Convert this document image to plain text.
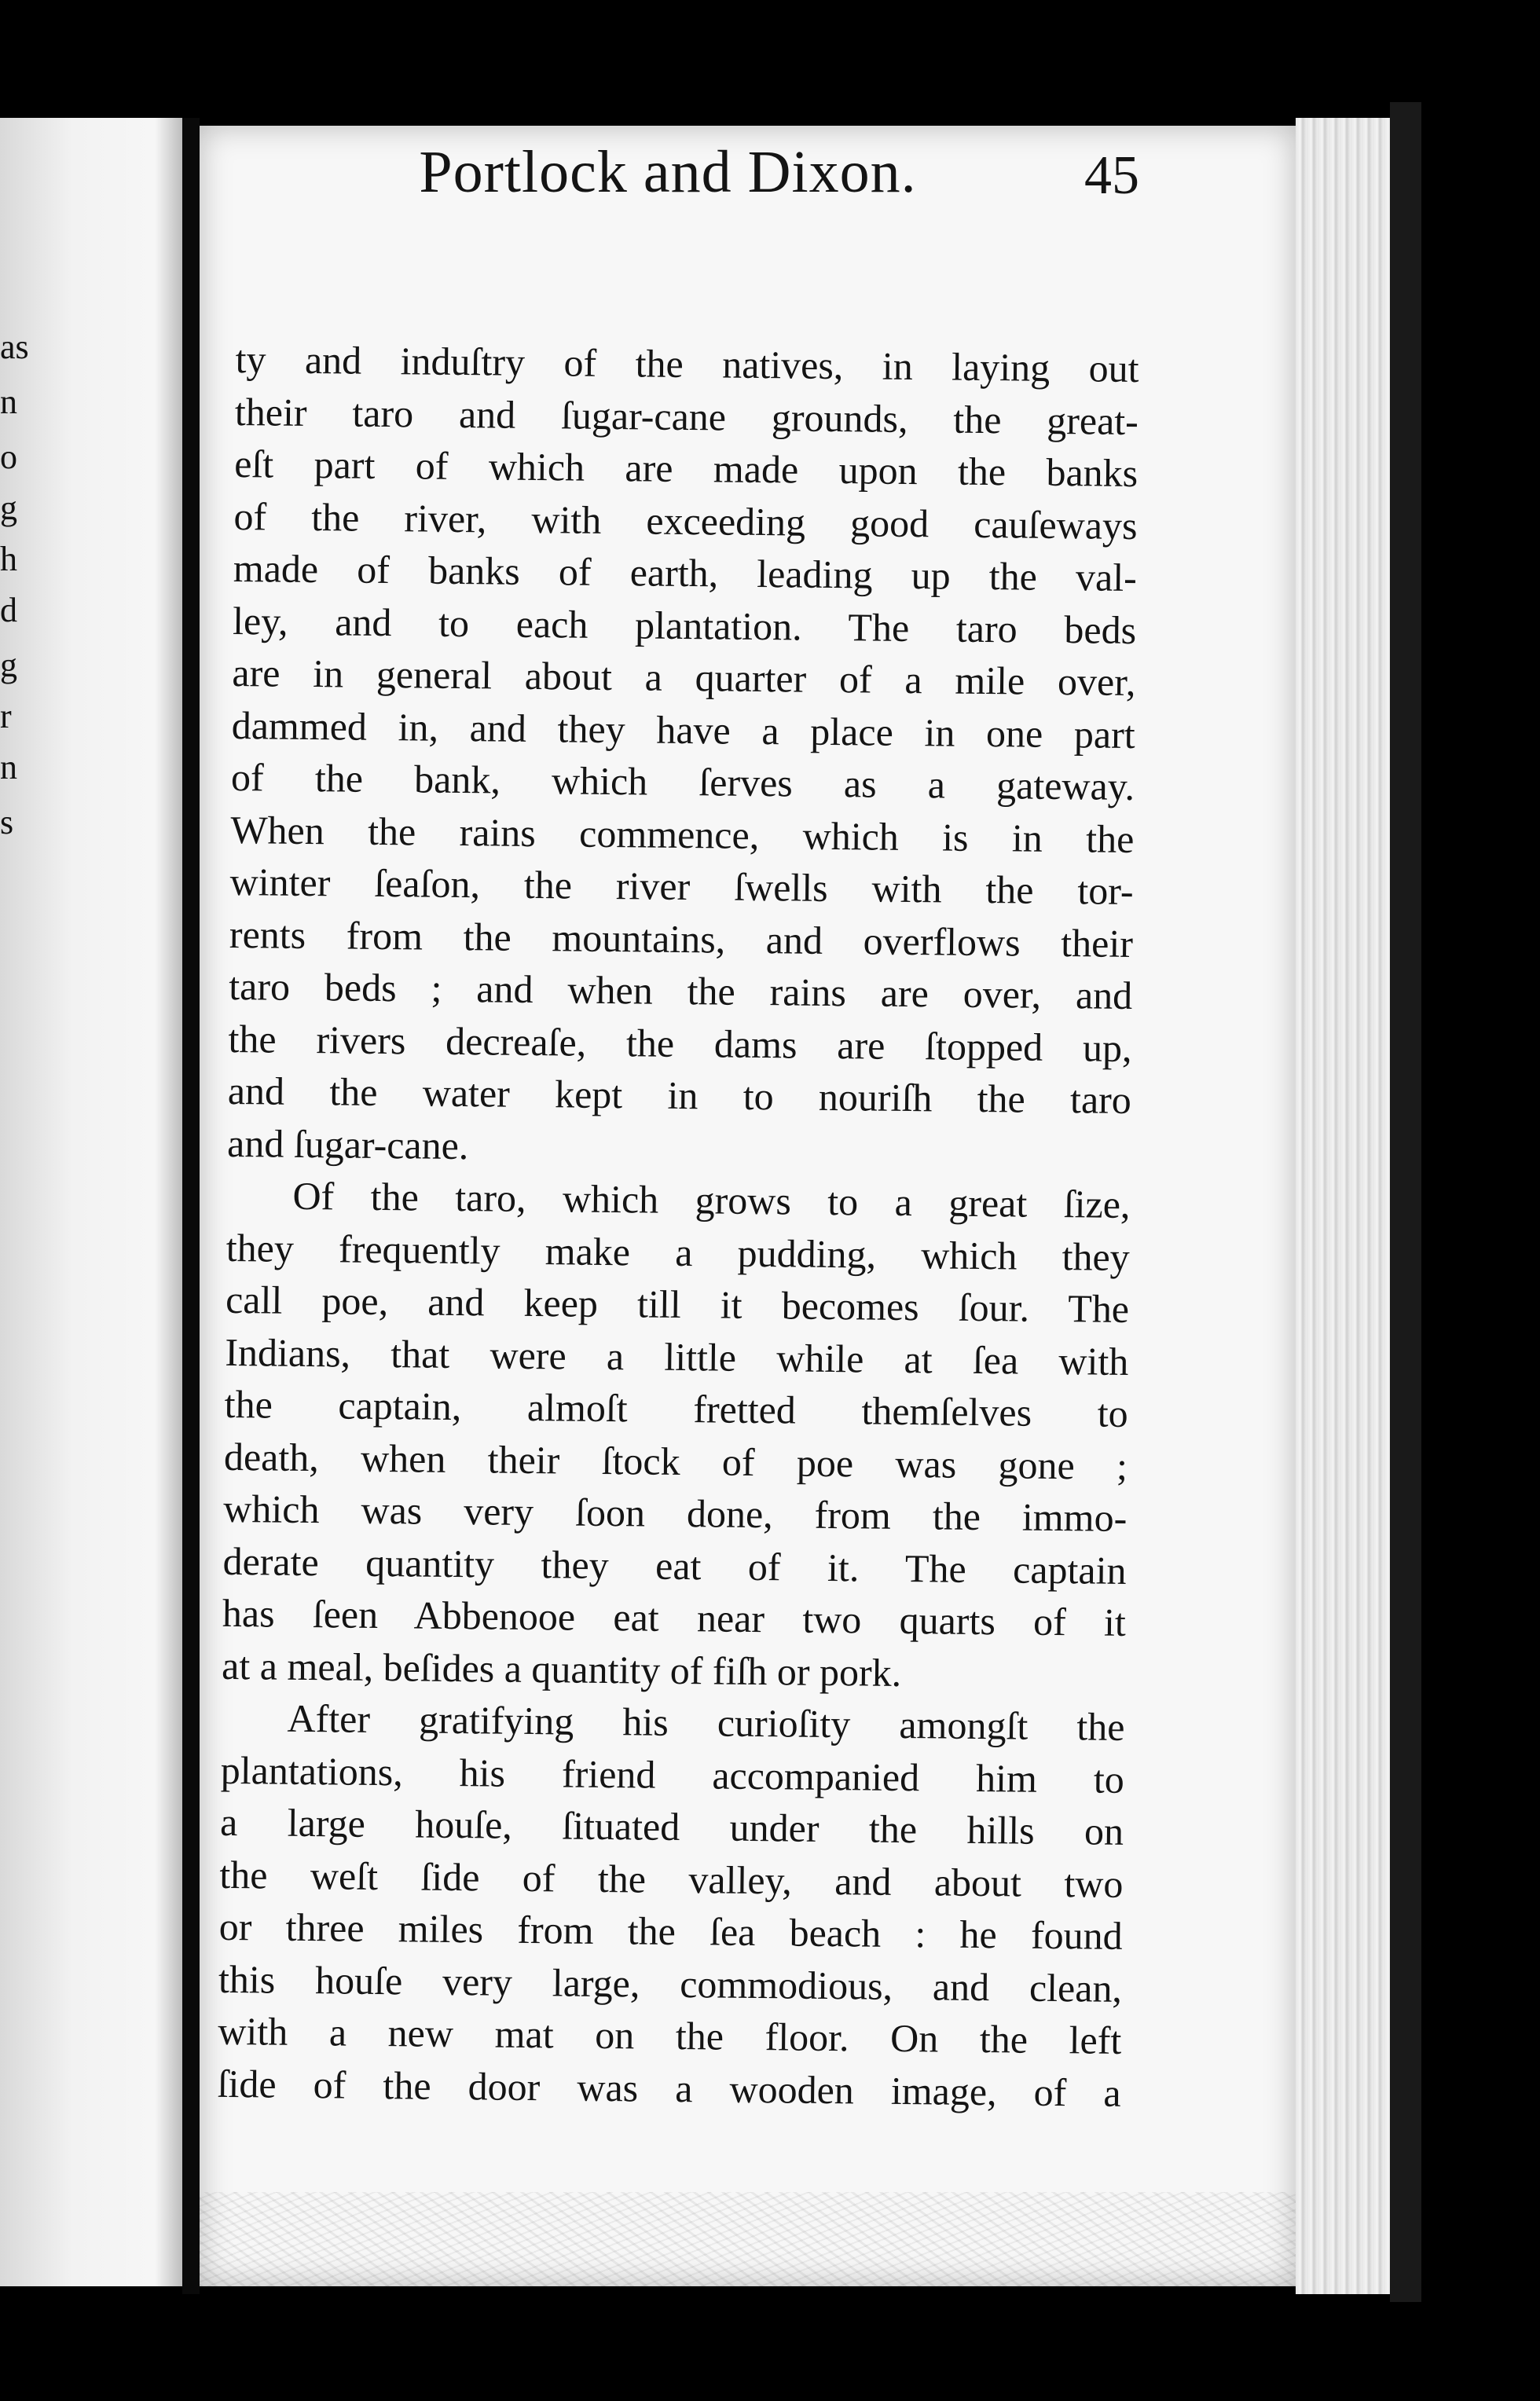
as
n
o
g
h
d
g
r
n
s
Portlock and Dixon.	45
ty and induſtry of the natives, in laying out
their taro and ſugar-cane grounds, the great-
eſt part of which are made upon the banks
of the river, with exceeding good cauſeways
made of banks of earth, leading up the val-
ley, and to each plantation. The taro beds
are in general about a quarter of a mile over,
dammed in, and they have a place in one part
of the bank, which ſerves as a gateway.
When the rains commence, which is in the
winter ſeaſon, the river ſwells with the tor-
rents from the mountains, and overflows their
taro beds ; and when the rains are over, and
the rivers decreaſe, the dams are ſtopped up,
and the water kept in to nouriſh the taro
and ſugar-cane.
Of the taro, which grows to a great ſize,
they frequently make a pudding, which they
call poe, and keep till it becomes ſour. The
Indians, that were a little while at ſea with
the captain, almoſt fretted themſelves to
death, when their ſtock of poe was gone ;
which was very ſoon done, from the immo-
derate quantity they eat of it. The captain
has ſeen Abbenooe eat near two quarts of it
at a meal, beſides a quantity of fiſh or pork.
After gratifying his curioſity amongſt the
plantations, his friend accompanied him to
a large houſe, ſituated under the hills on
the weſt ſide of the valley, and about two
or three miles from the ſea beach : he found
this houſe very large, commodious, and clean,
with a new mat on the floor. On the left
ſide of the door was a wooden image, of a
